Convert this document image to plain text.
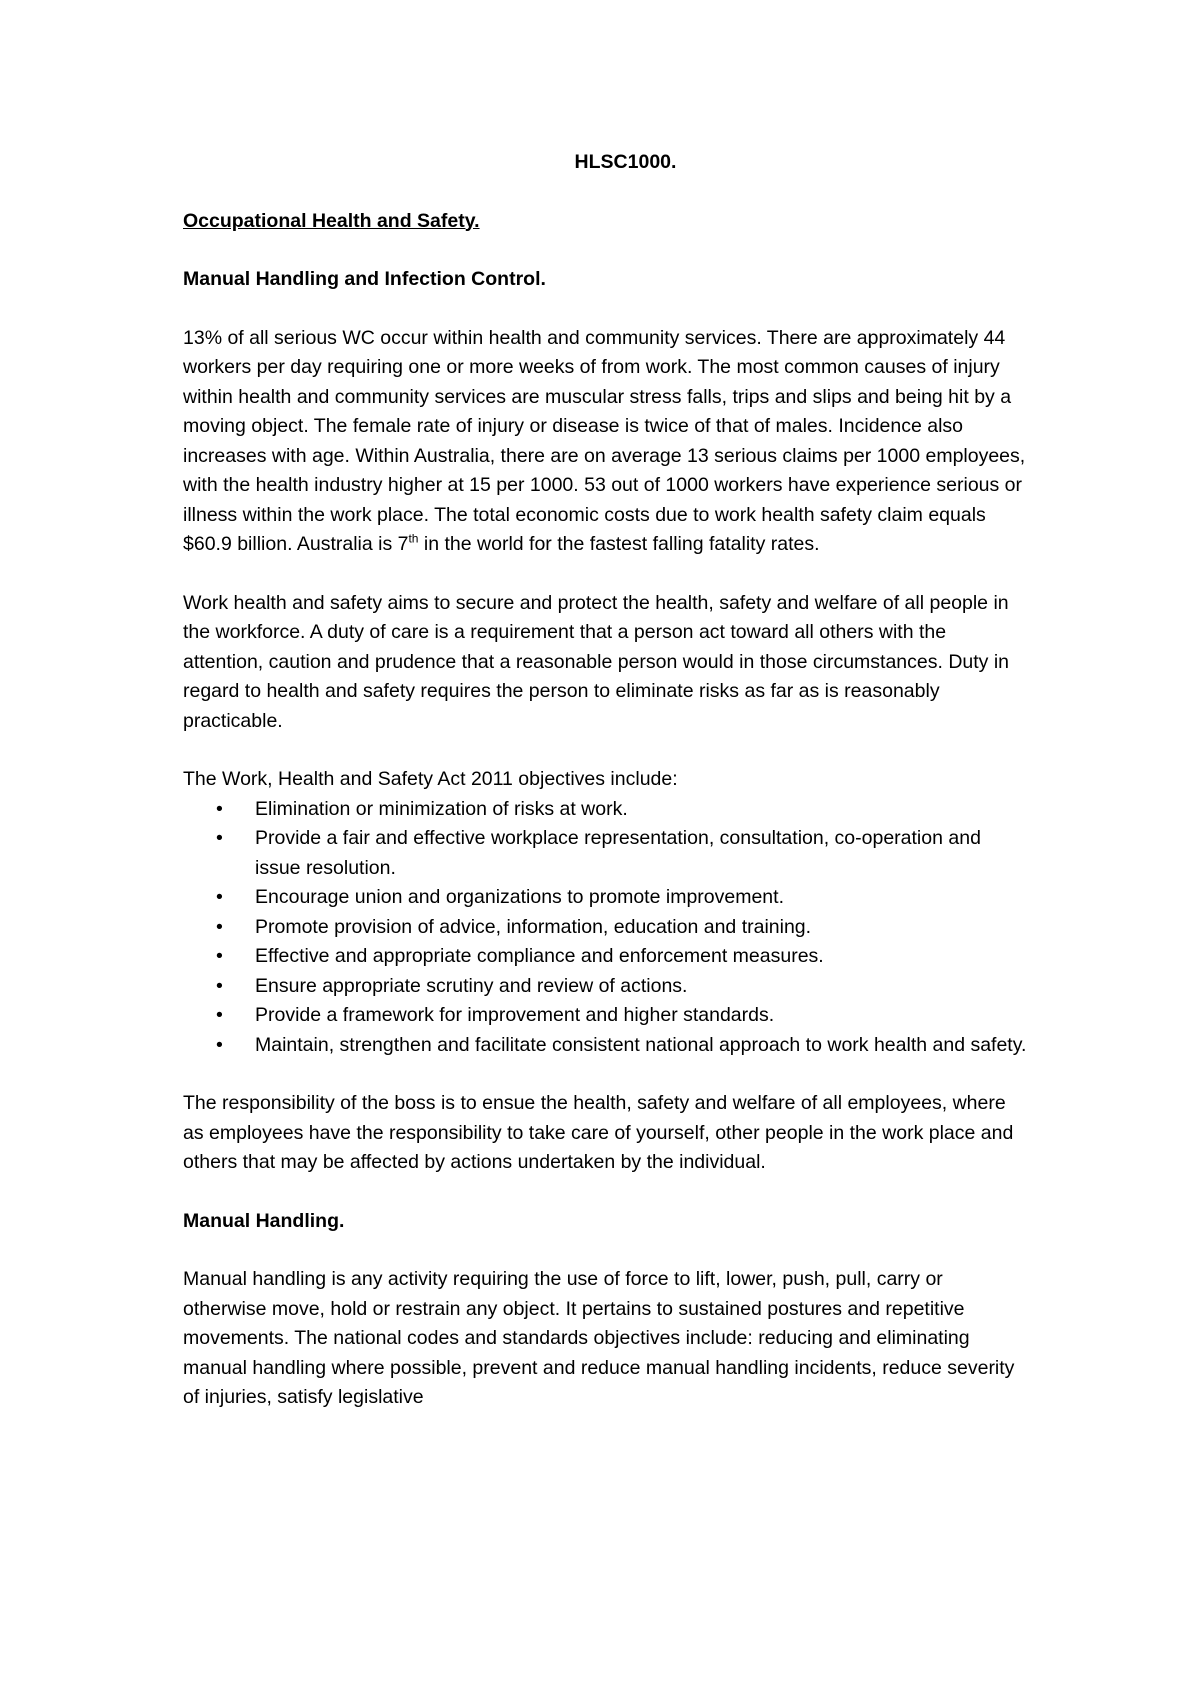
HLSC1000.
Occupational Health and Safety.
Manual Handling and Infection Control.

13% of all serious WC occur within health and community services. There are approximately 44 workers per day requiring one or more weeks of from work. The most common causes of injury within health and community services are muscular stress falls, trips and slips and being hit by a moving object. The female rate of injury or disease is twice of that of males. Incidence also increases with age. Within Australia, there are on average 13 serious claims per 1000 employees, with the health industry higher at 15 per 1000. 53 out of 1000 workers have experience serious or illness within the work place. The total economic costs due to work health safety claim equals $60.9 billion. Australia is 7th in the world for the fastest falling fatality rates.

Work health and safety aims to secure and protect the health, safety and welfare of all people in the workforce. A duty of care is a requirement that a person act toward all others with the attention, caution and prudence that a reasonable person would in those circumstances. Duty in regard to health and safety requires the person to eliminate risks as far as is reasonably practicable.

The Work, Health and Safety Act 2011 objectives include:

• Elimination or minimization of risks at work.
• Provide a fair and effective workplace representation, consultation, co-operation and issue resolution.
• Encourage union and organizations to promote improvement.
• Promote provision of advice, information, education and training.
• Effective and appropriate compliance and enforcement measures.
• Ensure appropriate scrutiny and review of actions.
• Provide a framework for improvement and higher standards.
• Maintain, strengthen and facilitate consistent national approach to work health and safety.

The responsibility of the boss is to ensue the health, safety and welfare of all employees, where as employees have the responsibility to take care of yourself, other people in the work place and others that may be affected by actions undertaken by the individual.

Manual Handling.

Manual handling is any activity requiring the use of force to lift, lower, push, pull, carry or otherwise move, hold or restrain any object. It pertains to sustained postures and repetitive movements. The national codes and standards objectives include: reducing and eliminating manual handling where possible, prevent and reduce manual handling incidents, reduce severity of injuries, satisfy legislative
